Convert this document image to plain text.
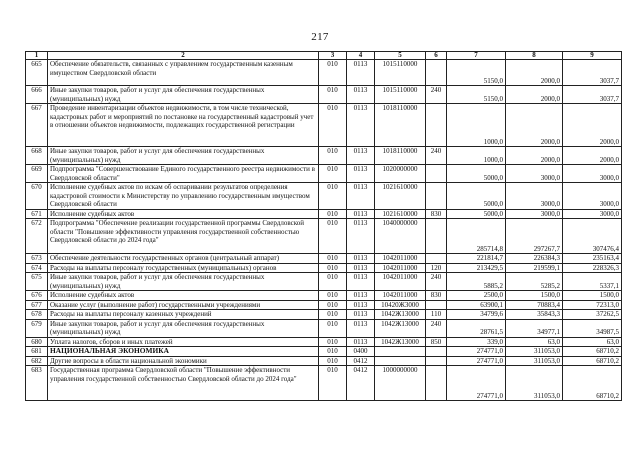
217
1	2	3	4	5	6	7	8	9
665	Обеспечение обязательств, связанных с управлением государственным казенным имуществом Свердловской области	010	0113	1015110000		5150,0	2000,0	3037,7
666	Иные закупки товаров, работ и услуг для обеспечения государственных (муниципальных) нужд	010	0113	1015110000	240	5150,0	2000,0	3037,7
667	Проведение инвентаризации объектов недвижимости, в том числе технической, кадастровых работ и мероприятий по постановке на государственный кадастровый учет в отношении объектов недвижимости, подлежащих государственной регистрации	010	0113	1018110000		1000,0	2000,0	2000,0
668	Иные закупки товаров, работ и услуг для обеспечения государственных (муниципальных) нужд	010	0113	1018110000	240	1000,0	2000,0	2000,0
669	Подпрограмма "Совершенствование Единого государственного реестра недвижимости в Свердловской области"	010	0113	1020000000		5000,0	3000,0	3000,0
670	Исполнение судебных актов по искам об оспаривании результатов определения кадастровой стоимости к Министерству по управлению государственным имуществом Свердловской области	010	0113	1021610000		5000,0	3000,0	3000,0
671	Исполнение судебных актов	010	0113	1021610000	830	5000,0	3000,0	3000,0
672	Подпрограмма "Обеспечение реализации государственной программы Свердловской области "Повышение эффективности управления государственной собственностью Свердловской области до 2024 года"	010	0113	1040000000		285714,8	297267,7	307476,4
673	Обеспечение деятельности государственных органов (центральный аппарат)	010	0113	1042011000		221814,7	226384,3	235163,4
674	Расходы на выплаты персоналу государственных (муниципальных) органов	010	0113	1042011000	120	213429,5	219599,1	228326,3
675	Иные закупки товаров, работ и услуг для обеспечения государственных (муниципальных) нужд	010	0113	1042011000	240	5885,2	5285,2	5337,1
676	Исполнение судебных актов	010	0113	1042011000	830	2500,0	1500,0	1500,0
677	Оказание услуг (выполнение работ) государственными учреждениями	010	0113	10420Ж3000		63900,1	70883,4	72313,0
678	Расходы на выплаты персоналу казенных учреждений	010	0113	1042Ж13000	110	34799,6	35843,3	37262,5
679	Иные закупки товаров, работ и услуг для обеспечения государственных (муниципальных) нужд	010	0113	1042Ж13000	240	28761,5	34977,1	34987,5
680	Уплата налогов, сборов и иных платежей	010	0113	1042Ж13000	850	339,0	63,0	63,0
681	НАЦИОНАЛЬНАЯ ЭКОНОМИКА	010	0400			274771,0	311053,0	68710,2
682	Другие вопросы в области национальной экономики	010	0412			274771,0	311053,0	68710,2
683	Государственная программа Свердловской области "Повышение эффективности управления государственной собственностью Свердловской области до 2024 года"	010	0412	1000000000		274771,0	311053,0	68710,2
